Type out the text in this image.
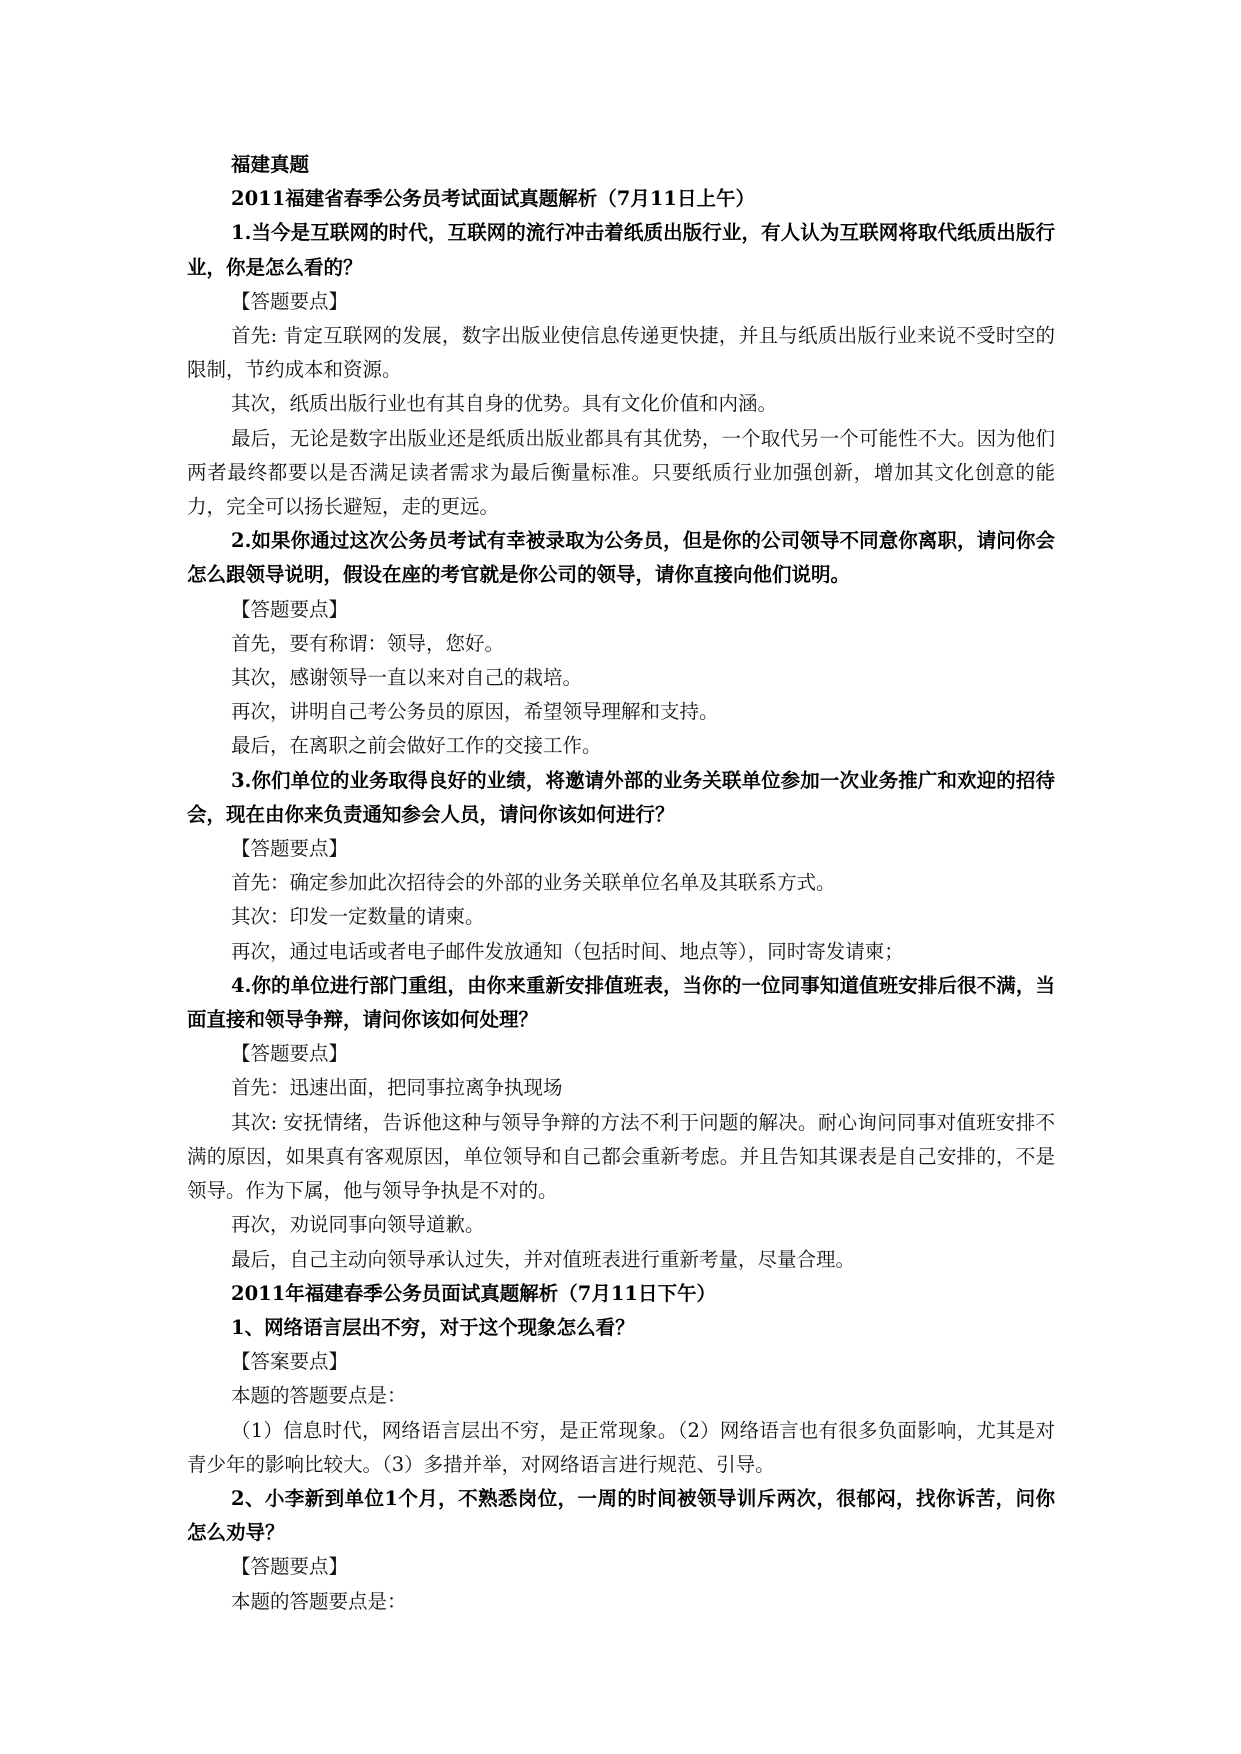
福建真题

2011福建省春季公务员考试面试真题解析（7月11日上午）

1.当今是互联网的时代，互联网的流行冲击着纸质出版行业，有人认为互联网将取代纸质出版行业，你是怎么看的？

【答题要点】

首先: 肯定互联网的发展，数字出版业使信息传递更快捷，并且与纸质出版行业来说不受时空的限制，节约成本和资源。

其次，纸质出版行业也有其自身的优势。具有文化价值和内涵。

最后，无论是数字出版业还是纸质出版业都具有其优势，一个取代另一个可能性不大。因为他们两者最终都要以是否满足读者需求为最后衡量标准。只要纸质行业加强创新，增加其文化创意的能力，完全可以扬长避短，走的更远。

2.如果你通过这次公务员考试有幸被录取为公务员，但是你的公司领导不同意你离职，请问你会怎么跟领导说明，假设在座的考官就是你公司的领导，请你直接向他们说明。

【答题要点】

首先，要有称谓：领导，您好。

其次，感谢领导一直以来对自己的栽培。

再次，讲明自己考公务员的原因，希望领导理解和支持。

最后，在离职之前会做好工作的交接工作。

3.你们单位的业务取得良好的业绩，将邀请外部的业务关联单位参加一次业务推广和欢迎的招待会，现在由你来负责通知参会人员，请问你该如何进行？

【答题要点】

首先：确定参加此次招待会的外部的业务关联单位名单及其联系方式。

其次：印发一定数量的请柬。

再次，通过电话或者电子邮件发放通知（包括时间、地点等），同时寄发请柬；

4.你的单位进行部门重组，由你来重新安排值班表，当你的一位同事知道值班安排后很不满，当面直接和领导争辩，请问你该如何处理？

【答题要点】

首先：迅速出面，把同事拉离争执现场

其次: 安抚情绪，告诉他这种与领导争辩的方法不利于问题的解决。耐心询问同事对值班安排不满的原因，如果真有客观原因，单位领导和自己都会重新考虑。并且告知其课表是自己安排的，不是领导。作为下属，他与领导争执是不对的。

再次，劝说同事向领导道歉。

最后，自己主动向领导承认过失，并对值班表进行重新考量，尽量合理。

2011年福建春季公务员面试真题解析（7月11日下午）

1、网络语言层出不穷，对于这个现象怎么看？

【答案要点】

本题的答题要点是：

（1）信息时代，网络语言层出不穷，是正常现象。（2）网络语言也有很多负面影响，尤其是对青少年的影响比较大。（3）多措并举，对网络语言进行规范、引导。

2、小李新到单位1个月，不熟悉岗位，一周的时间被领导训斥两次，很郁闷，找你诉苦，问你怎么劝导？

【答题要点】

本题的答题要点是：
